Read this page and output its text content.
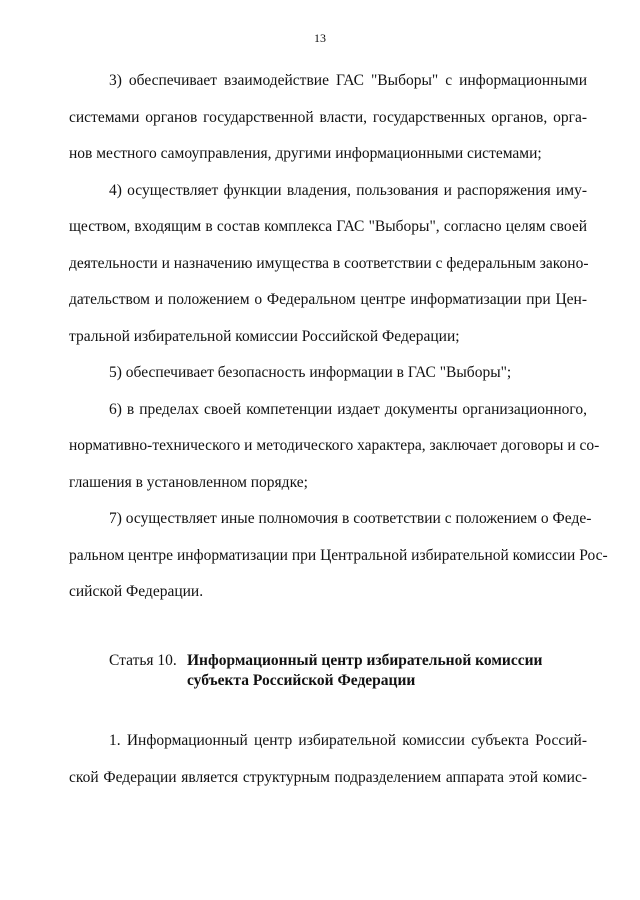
13
3) обеспечивает взаимодействие ГАС "Выборы" с информационными
системами органов государственной власти, государственных органов, орга-
нов местного самоуправления, другими информационными системами;
4) осуществляет функции владения, пользования и распоряжения иму-
ществом, входящим в состав комплекса ГАС "Выборы", согласно целям своей
деятельности и назначению имущества в соответствии с федеральным законо-
дательством и положением о Федеральном центре информатизации при Цен-
тральной избирательной комиссии Российской Федерации;
5) обеспечивает безопасность информации в ГАС "Выборы";
6) в пределах своей компетенции издает документы организационного,
нормативно-технического и методического характера, заключает договоры и со-
глашения в установленном порядке;
7) осуществляет иные полномочия в соответствии с положением о Феде-
ральном центре информатизации при Центральной избирательной комиссии Рос-
сийской Федерации.
Статья 10. Информационный центр избирательной комиссии
субъекта Российской Федерации
1. Информационный центр избирательной комиссии субъекта Россий-
ской Федерации является структурным подразделением аппарата этой комис-
